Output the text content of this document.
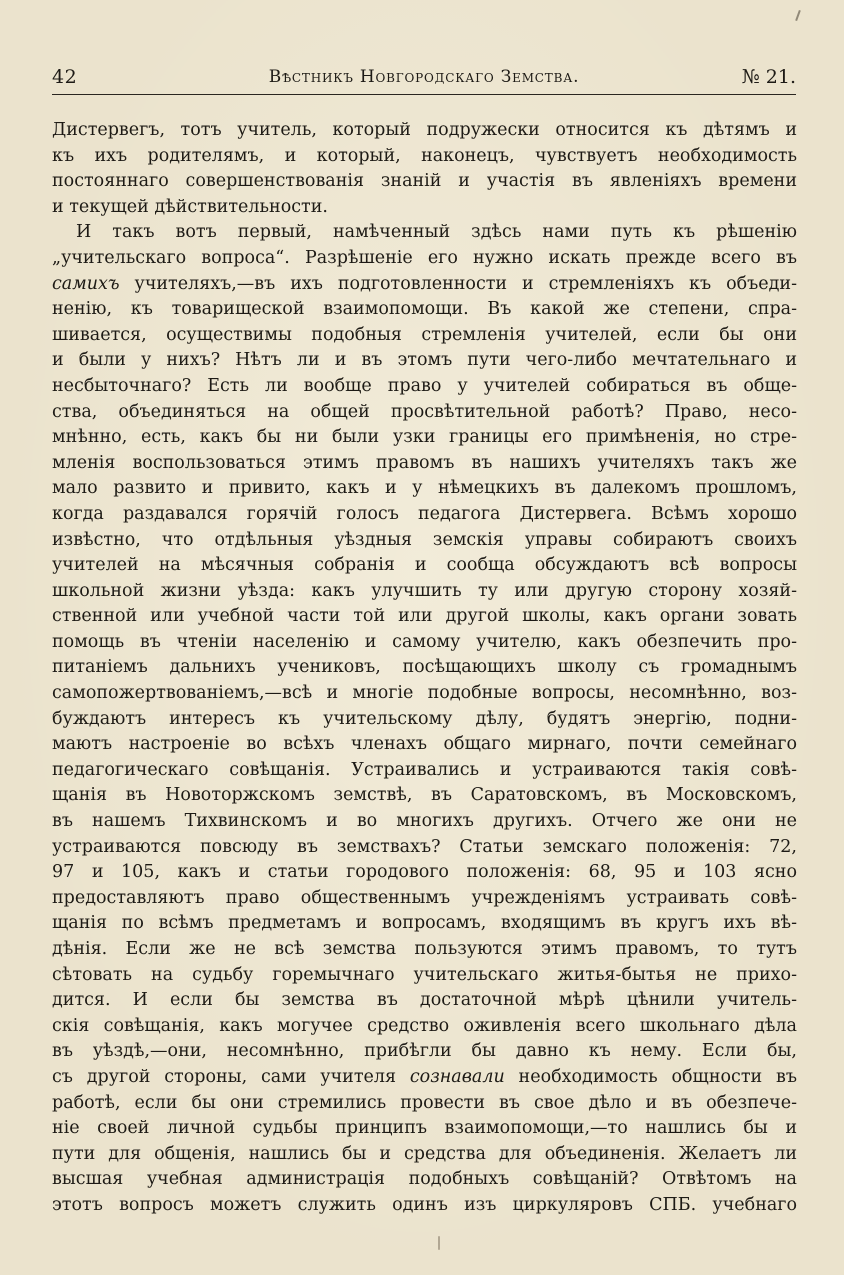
42	Вѣстникъ Новгородскаго Земства.	№ 21.
Дистервегъ, тотъ учитель, который подружески относится къ дѣтямъ и
къ ихъ родителямъ, и который, наконецъ, чувствуетъ необходимость
постояннаго совершенствованія знаній и участія въ явленіяхъ времени
и текущей дѣйствительности.
И такъ вотъ первый, намѣченный здѣсь нами путь къ рѣшенію
„учительскаго вопроса“. Разрѣшеніе его нужно искать прежде всего въ
самихъ учителяхъ,—въ ихъ подготовленности и стремленіяхъ къ объеди-
ненію, къ товарищеской взаимопомощи. Въ какой же степени, спра-
шивается, осуществимы подобныя стремленія учителей, если бы они
и были у нихъ? Нѣтъ ли и въ этомъ пути чего-либо мечтательнаго и
несбыточнаго? Есть ли вообще право у учителей собираться въ обще-
ства, объединяться на общей просвѣтительной работѣ? Право, несо-
мнѣнно, есть, какъ бы ни были узки границы его примѣненія, но стре-
мленія воспользоваться этимъ правомъ въ нашихъ учителяхъ такъ же
мало развито и привито, какъ и у нѣмецкихъ въ далекомъ прошломъ,
когда раздавался горячій голосъ педагога Дистервега. Всѣмъ хорошо
извѣстно, что отдѣльныя уѣздныя земскія управы собираютъ своихъ
учителей на мѣсячныя собранія и сообща обсуждаютъ всѣ вопросы
школьной жизни уѣзда: какъ улучшить ту или другую сторону хозяй-
ственной или учебной части той или другой школы, какъ органи зовать
помощь въ чтеніи населенію и самому учителю, какъ обезпечить про-
питаніемъ дальнихъ учениковъ, посѣщающихъ школу съ громаднымъ
самопожертвованіемъ,—всѣ и многіе подобные вопросы, несомнѣнно, воз-
буждаютъ интересъ къ учительскому дѣлу, будятъ энергію, подни-
маютъ настроеніе во всѣхъ членахъ общаго мирнаго, почти семейнаго
педагогическаго совѣщанія. Устраивались и устраиваются такія совѣ-
щанія въ Новоторжскомъ земствѣ, въ Саратовскомъ, въ Московскомъ,
въ нашемъ Тихвинскомъ и во многихъ другихъ. Отчего же они не
устраиваются повсюду въ земствахъ? Статьи земскаго положенія: 72,
97 и 105, какъ и статьи городового положенія: 68, 95 и 103 ясно
предоставляютъ право общественнымъ учрежденіямъ устраивать совѣ-
щанія по всѣмъ предметамъ и вопросамъ, входящимъ въ кругъ ихъ вѣ-
дѣнія. Если же не всѣ земства пользуются этимъ правомъ, то тутъ
сѣтовать на судьбу горемычнаго учительскаго житья-бытья не прихо-
дится. И если бы земства въ достаточной мѣрѣ цѣнили учитель-
скія совѣщанія, какъ могучее средство оживленія всего школьнаго дѣла
въ уѣздѣ,—они, несомнѣнно, прибѣгли бы давно къ нему. Если бы,
съ другой стороны, сами учителя сознавали необходимость общности въ
работѣ, если бы они стремились провести въ свое дѣло и въ обезпече-
ніе своей личной судьбы принципъ взаимопомощи,—то нашлись бы и
пути для общенія, нашлись бы и средства для объединенія. Желаетъ ли
высшая учебная администрація подобныхъ совѣщаній? Отвѣтомъ на
этотъ вопросъ можетъ служить одинъ изъ циркуляровъ СПБ. учебнаго
